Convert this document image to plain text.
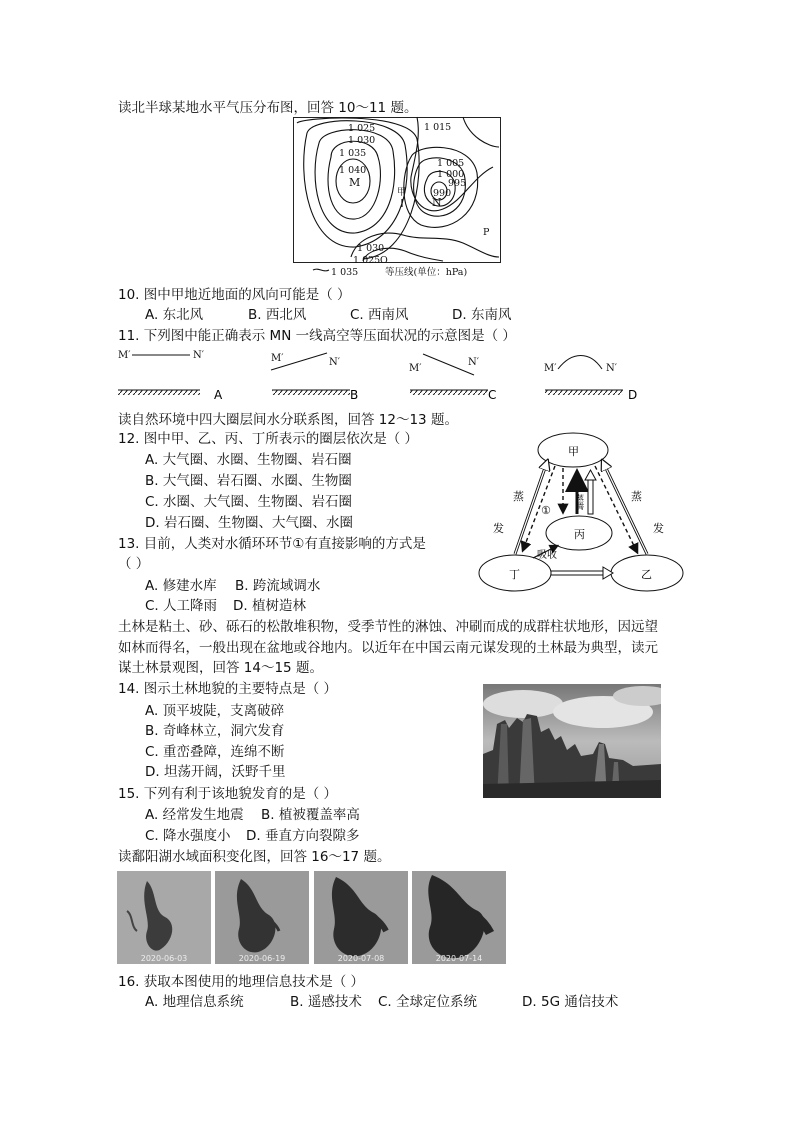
读北半球某地水平气压分布图，回答 10～11 题。
1 025
1 030
1 035
1 040
M
1 015
1 005
1 000
995
990
N
甲
P
1 030
1 025 O
1 035	等压线(单位：hPa)
10. 图中甲地近地面的风向可能是（ ）
A. 东北风	B. 西北风	C. 西南风	D. 东南风
11. 下列图中能正确表示 MN 一线高空等压面状况的示意图是（ ）
M′	N′
A
M′	N′
B
M′
N′
C
M′	N′
D
读自然环境中四大圈层间水分联系图，回答 12～13 题。
12. 图中甲、乙、丙、丁所表示的圈层依次是（ ）
A. 大气圈、水圈、生物圈、岩石圈
B. 大气圈、岩石圈、水圈、生物圈
C. 水圈、大气圈、生物圈、岩石圈
D. 岩石圈、生物圈、大气圈、水圈
13. 目前，人类对水循环环节①有直接影响的方式是
（ ）
A. 修建水库 B. 跨流域调水
C. 人工降雨 D. 植树造林
甲
丙
丁	乙
蒸
发
蒸
发
蒸腾
吸收
①
土林是粘土、砂、砾石的松散堆积物，受季节性的淋蚀、冲刷而成的成群柱状地形，因远望
如林而得名，一般出现在盆地或谷地内。以近年在中国云南元谋发现的土林最为典型，读元
谋土林景观图，回答 14～15 题。
14. 图示土林地貌的主要特点是（ ）
A. 顶平坡陡，支离破碎
B. 奇峰林立，洞穴发育
C. 重峦叠障，连绵不断
D. 坦荡开阔，沃野千里
15. 下列有利于该地貌发育的是（ ）
A. 经常发生地震 B. 植被覆盖率高
C. 降水强度小 D. 垂直方向裂隙多
读鄱阳湖水域面积变化图，回答 16～17 题。
2020-06-03	2020-06-19	2020-07-08	2020-07-14
16. 获取本图使用的地理信息技术是（ ）
A. 地理信息系统	B. 遥感技术 C. 全球定位系统	D. 5G 通信技术
